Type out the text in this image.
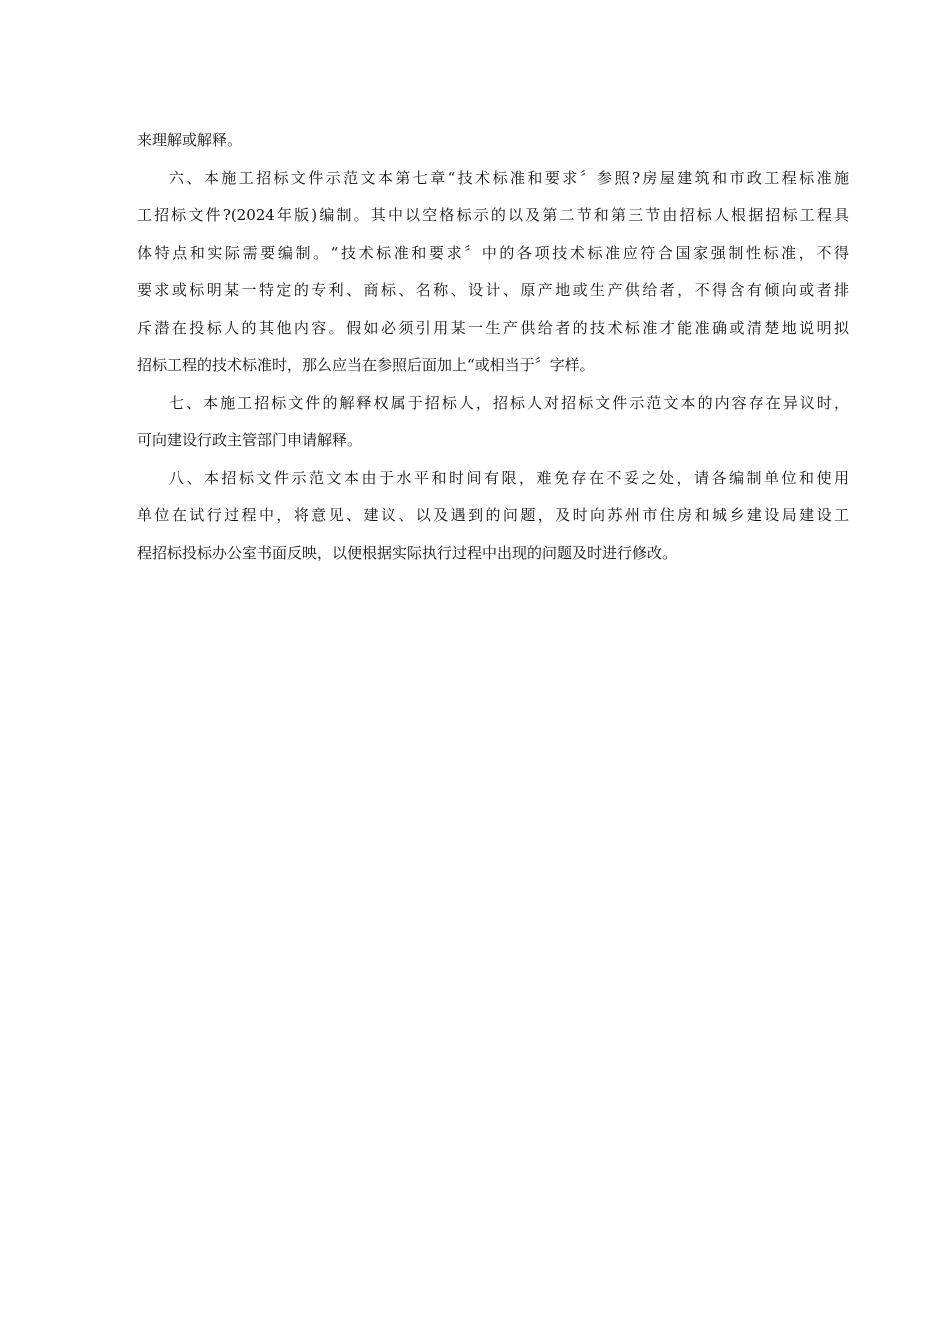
来理解或解释。
六、本施工招标文件示范文本第七章“技术标准和要求〞参照?房屋建筑和市政工程标准施
工招标文件?(2024年版)编制。其中以空格标示的以及第二节和第三节由招标人根据招标工程具
体特点和实际需要编制。“技术标准和要求〞中的各项技术标准应符合国家强制性标准，不得
要求或标明某一特定的专利、商标、名称、设计、原产地或生产供给者，不得含有倾向或者排
斥潜在投标人的其他内容。假如必须引用某一生产供给者的技术标准才能准确或清楚地说明拟
招标工程的技术标准时，那么应当在参照后面加上“或相当于〞字样。
七、本施工招标文件的解释权属于招标人，招标人对招标文件示范文本的内容存在异议时，
可向建设行政主管部门申请解释。
八、本招标文件示范文本由于水平和时间有限，难免存在不妥之处，请各编制单位和使用
单位在试行过程中，将意见、建议、以及遇到的问题，及时向苏州市住房和城乡建设局建设工
程招标投标办公室书面反映，以便根据实际执行过程中出现的问题及时进行修改。
